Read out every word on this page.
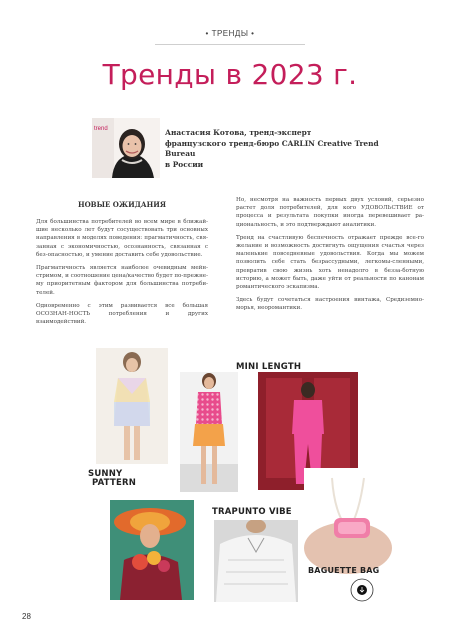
• ТРЕНДЫ •
Тренды в 2023 г.
trend	Анастасия Котова, тренд-эксперт
французского тренд-бюро CARLIN Creative Trend Bureau
в России
НОВЫЕ ОЖИДАНИЯ

Для большинства потребителей во всем мире в ближай-шие несколько лет будут сосуществовать три основных направления в моделях поведения: прагматичность, свя-занная с экономичностью, осознанность, связанная с без-опасностью, и умение доставить себе удовольствие.

Прагматичность является наиболее очевидным мейн-стримом, и соотношение цена/качество будет по-прежне-му приоритетным фактором для большинства потреби-телей.

Одновременно с этим развивается все большая ОСОЗНАН-НОСТЬ потребления и других взаимодействий.

Но, несмотря на важность первых двух условий, серьезно растет доля потребителей, для кого УДОВОЛЬСТВИЕ от процесса и результата покупки иногда перевешивает ра-циональность, и это подтверждают аналитики.

Тренд на счастливую беспечность отражает прежде все-го желание и возможность достигнуть ощущения счастья через маленькие повседневные удовольствия. Когда мы можем позволить себе стать безрассудными, легкомы-сленными, превратив свою жизнь хоть ненадолго в безза-ботную историю, а может быть, даже уйти от реальности по канонам романтического эскапизма.

Здесь будут сочетаться настроения винтажа, Средиземно-морья, неоромантики.

MINI LENGTH
SUNNY
PATTERN
TRAPUNTO VIBE
BAGUETTE BAG
28
